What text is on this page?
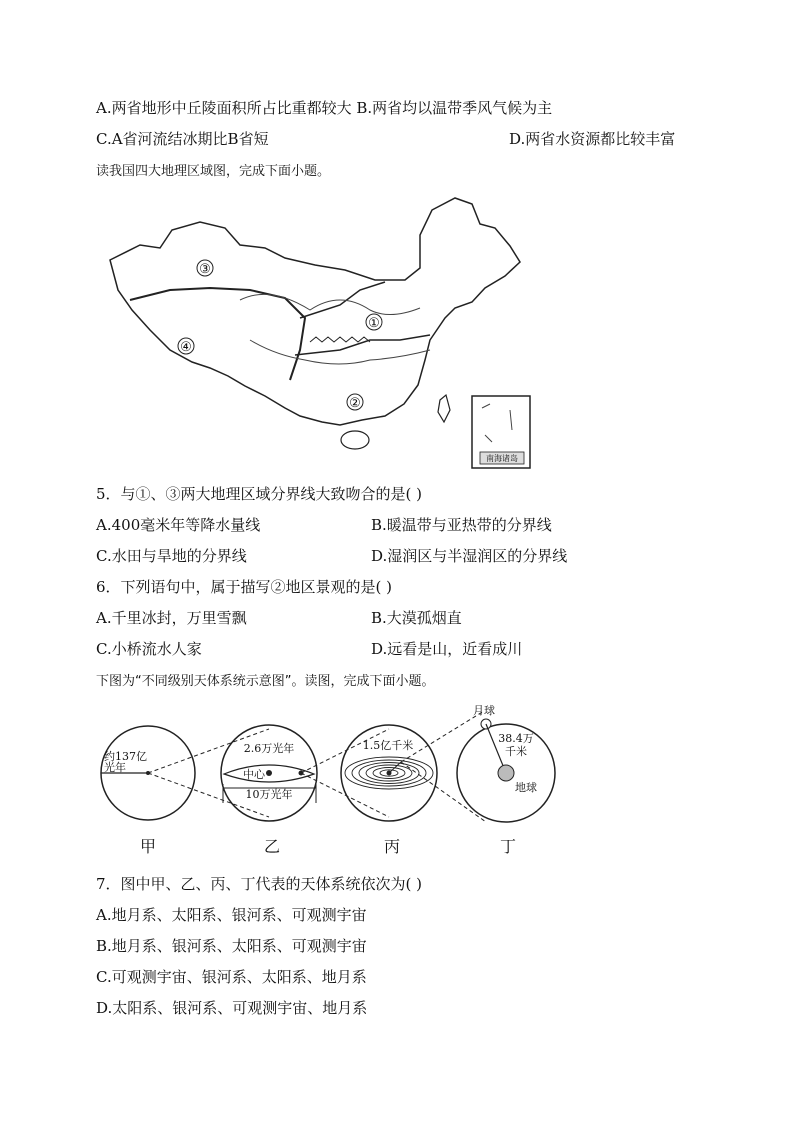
A.两省地形中丘陵面积所占比重都较大 B.两省均以温带季风气候为主
C.A省河流结冰期比B省短	D.两省水资源都比较丰富
读我国四大地理区域图，完成下面小题。
③
④
①
②
南海诸岛
5．与①、③两大地理区域分界线大致吻合的是( )
A.400毫米年等降水量线	B.暖温带与亚热带的分界线
C.水田与旱地的分界线	D.湿润区与半湿润区的分界线
6．下列语句中，属于描写②地区景观的是( )
A.千里冰封，万里雪飘	B.大漠孤烟直
C.小桥流水人家	D.远看是山，近看成川
下图为“不同级别天体系统示意图”。读图，完成下面小题。
约137亿
光年
2.6万光年
中心
10万光年
1.5亿千米
月球
38.4万
千米
地球
甲	乙	丙	丁
7．图中甲、乙、丙、丁代表的天体系统依次为( )
A.地月系、太阳系、银河系、可观测宇宙
B.地月系、银河系、太阳系、可观测宇宙
C.可观测宇宙、银河系、太阳系、地月系
D.太阳系、银河系、可观测宇宙、地月系
